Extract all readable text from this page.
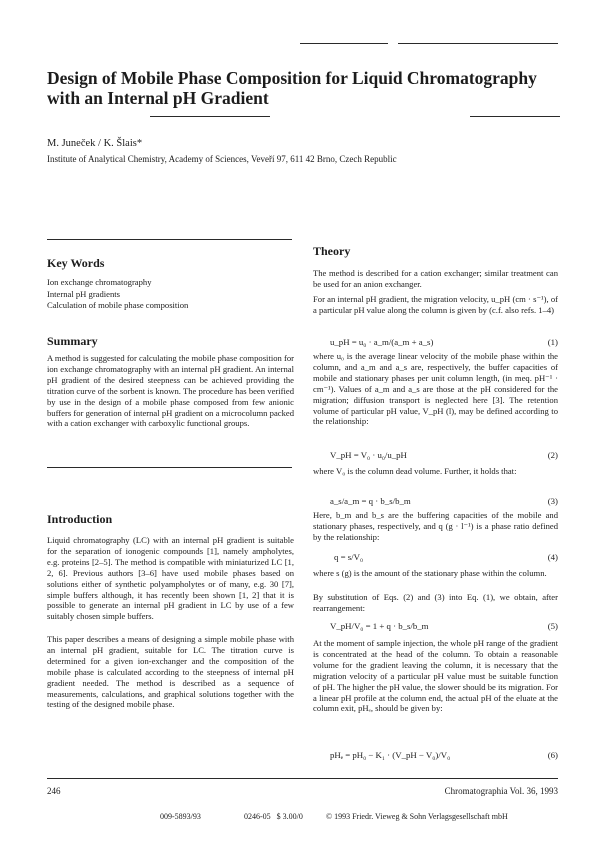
Design of Mobile Phase Composition for Liquid Chromatography
with an Internal pH Gradient
M. Juneček / K. Šlais*
Institute of Analytical Chemistry, Academy of Sciences, Veveří 97, 611 42 Brno, Czech Republic
Key Words
Ion exchange chromatography
Internal pH gradients
Calculation of mobile phase composition
Summary

A method is suggested for calculating the mobile phase composition for ion exchange chromatography with an internal pH gradient. An internal pH gradient of the desired steepness can be achieved providing the titration curve of the sorbent is known. The procedure has been verified by use in the design of a mobile phase composed from few anionic buffers for generation of internal pH gradient on a microcolumn packed with a cation exchanger with carboxylic functional groups.

Introduction

Liquid chromatography (LC) with an internal pH gradient is suitable for the separation of ionogenic compounds [1], namely ampholytes, e.g. proteins [2–5]. The method is compatible with miniaturized LC [1, 2, 6]. Previous authors [3–6] have used mobile phases based on solutions either of synthetic polyampholytes or of many, e.g. 30 [7], simple buffers although, it has recently been shown [1, 2] that it is possible to generate an internal pH gradient in LC by use of a few suitably chosen simple buffers.

This paper describes a means of designing a simple mobile phase with an internal pH gradient, suitable for LC. The titration curve is determined for a given ion-exchanger and the composition of the mobile phase is calculated according to the steepness of internal pH gradient needed. The method is described as a sequence of measurements, calculations, and graphical solutions together with the testing of the designed mobile phase.

Theory

The method is described for a cation exchanger; similar treatment can be used for an anion exchanger.

For an internal pH gradient, the migration velocity, u_pH (cm · s⁻¹), of a particular pH value along the column is given by (c.f. also refs. 1–4)

u_pH = u₀ · a_m/(a_m + a_s)	(1)

where u₀ is the average linear velocity of the mobile phase within the column, and a_m and a_s are, respectively, the buffer capacities of mobile and stationary phases per unit column length, (in meq. pH⁻¹ · cm⁻¹). Values of a_m and a_s are those at the pH considered for the migration; diffusion transport is neglected here [3]. The retention volume of particular pH value, V_pH (l), may be defined according to the relationship:

V_pH = V₀ · u₀/u_pH	(2)

where V₀ is the column dead volume. Further, it holds that:

a_s/a_m = q · b_s/b_m	(3)

Here, b_m and b_s are the buffering capacities of the mobile and stationary phases, respectively, and q (g · l⁻¹) is a phase ratio defined by the relationship:

q = s/V₀	(4)

where s (g) is the amount of the stationary phase within the column.

By substitution of Eqs. (2) and (3) into Eq. (1), we obtain, after rearrangement:

V_pH/V₀ = 1 + q · b_s/b_m	(5)

At the moment of sample injection, the whole pH range of the gradient is concentrated at the head of the column. To obtain a reasonable volume for the gradient leaving the column, it is necessary that the migration velocity of a particular pH value must be suitable function of pH. The higher the pH value, the slower should be its migration. For a linear pH profile at the column end, the actual pH of the eluate at the column exit, pHₑ, should be given by:

pHₑ = pH₀ − K₁ · (V_pH − V₀)/V₀	(6)
246	Chromatographia Vol. 36, 1993
009-5893/93	0246-05   $ 3.00/0	© 1993 Friedr. Vieweg & Sohn Verlagsgesellschaft mbH
